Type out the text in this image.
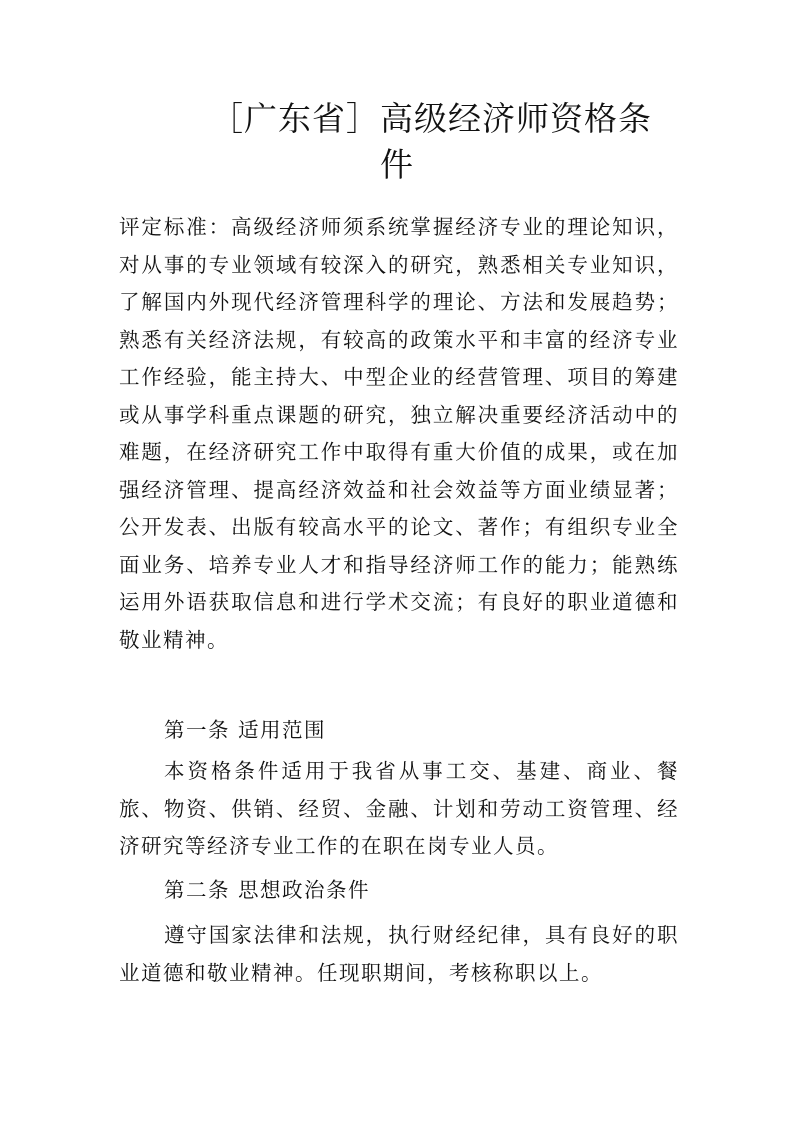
［广东省］高级经济师资格条
件

评定标准：高级经济师须系统掌握经济专业的理论知识，对从事的专业领域有较深入的研究，熟悉相关专业知识，了解国内外现代经济管理科学的理论、方法和发展趋势；熟悉有关经济法规，有较高的政策水平和丰富的经济专业工作经验，能主持大、中型企业的经营管理、项目的筹建或从事学科重点课题的研究，独立解决重要经济活动中的难题，在经济研究工作中取得有重大价值的成果，或在加强经济管理、提高经济效益和社会效益等方面业绩显著；公开发表、出版有较高水平的论文、著作；有组织专业全面业务、培养专业人才和指导经济师工作的能力；能熟练运用外语获取信息和进行学术交流；有良好的职业道德和敬业精神。

第一条 适用范围

本资格条件适用于我省从事工交、基建、商业、餐旅、物资、供销、经贸、金融、计划和劳动工资管理、经济研究等经济专业工作的在职在岗专业人员。

第二条 思想政治条件

遵守国家法律和法规，执行财经纪律，具有良好的职业道德和敬业精神。任现职期间，考核称职以上。
